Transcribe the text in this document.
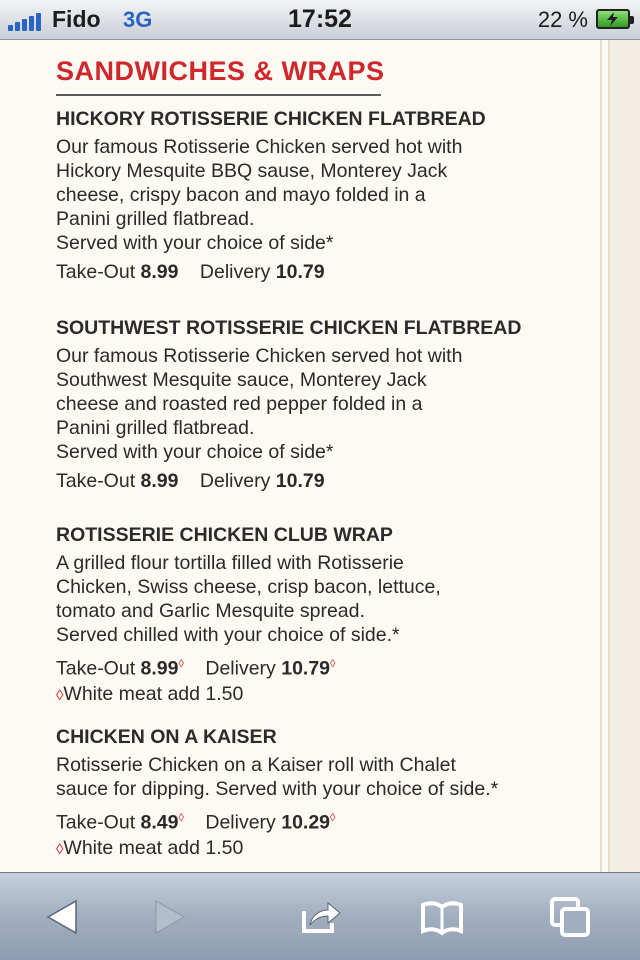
Fido 3G	17:52	22 %
SANDWICHES & WRAPS
HICKORY ROTISSERIE CHICKEN FLATBREAD
Our famous Rotisserie Chicken served hot with
Hickory Mesquite BBQ sause, Monterey Jack
cheese, crispy bacon and mayo folded in a
Panini grilled flatbread.
Served with your choice of side*
Take-Out 8.99 Delivery 10.79
SOUTHWEST ROTISSERIE CHICKEN FLATBREAD
Our famous Rotisserie Chicken served hot with
Southwest Mesquite sauce, Monterey Jack
cheese and roasted red pepper folded in a
Panini grilled flatbread.
Served with your choice of side*
Take-Out 8.99 Delivery 10.79
ROTISSERIE CHICKEN CLUB WRAP
A grilled flour tortilla filled with Rotisserie
Chicken, Swiss cheese, crisp bacon, lettuce,
tomato and Garlic Mesquite spread.
Served chilled with your choice of side.*
Take-Out 8.99◊ Delivery 10.79◊
◊White meat add 1.50
CHICKEN ON A KAISER
Rotisserie Chicken on a Kaiser roll with Chalet
sauce for dipping. Served with your choice of side.*
Take-Out 8.49◊ Delivery 10.29◊
◊White meat add 1.50
